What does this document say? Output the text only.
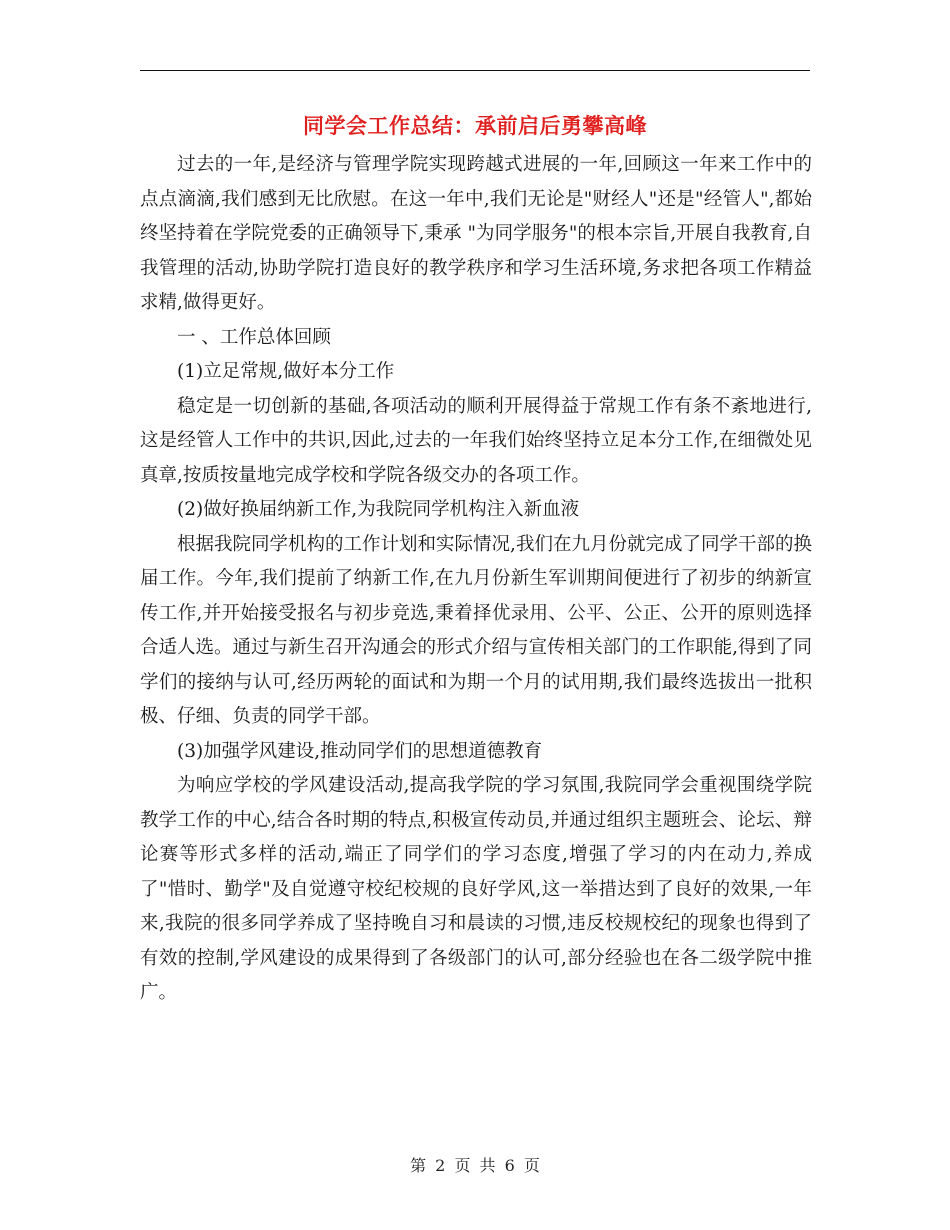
同学会工作总结：承前启后勇攀高峰

过去的一年,是经济与管理学院实现跨越式进展的一年,回顾这一年来工作中的点点滴滴,我们感到无比欣慰。在这一年中,我们无论是"财经人"还是"经管人",都始终坚持着在学院党委的正确领导下,秉承 "为同学服务"的根本宗旨,开展自我教育,自我管理的活动,协助学院打造良好的教学秩序和学习生活环境,务求把各项工作精益求精,做得更好。

一 、工作总体回顾

(1)立足常规,做好本分工作

稳定是一切创新的基础,各项活动的顺利开展得益于常规工作有条不紊地进行,这是经管人工作中的共识,因此,过去的一年我们始终坚持立足本分工作,在细微处见真章,按质按量地完成学校和学院各级交办的各项工作。

(2)做好换届纳新工作,为我院同学机构注入新血液

根据我院同学机构的工作计划和实际情况,我们在九月份就完成了同学干部的换届工作。今年,我们提前了纳新工作,在九月份新生军训期间便进行了初步的纳新宣传工作,并开始接受报名与初步竞选,秉着择优录用、公平、公正、公开的原则选择合适人选。通过与新生召开沟通会的形式介绍与宣传相关部门的工作职能,得到了同学们的接纳与认可,经历两轮的面试和为期一个月的试用期,我们最终选拔出一批积极、仔细、负责的同学干部。

(3)加强学风建设,推动同学们的思想道德教育

为响应学校的学风建设活动,提高我学院的学习氛围,我院同学会重视围绕学院教学工作的中心,结合各时期的特点,积极宣传动员,并通过组织主题班会、论坛、辩论赛等形式多样的活动,端正了同学们的学习态度,增强了学习的内在动力,养成了"惜时、勤学"及自觉遵守校纪校规的良好学风,这一举措达到了良好的效果,一年来,我院的很多同学养成了坚持晚自习和晨读的习惯,违反校规校纪的现象也得到了有效的控制,学风建设的成果得到了各级部门的认可,部分经验也在各二级学院中推广。

第 2 页 共 6 页
